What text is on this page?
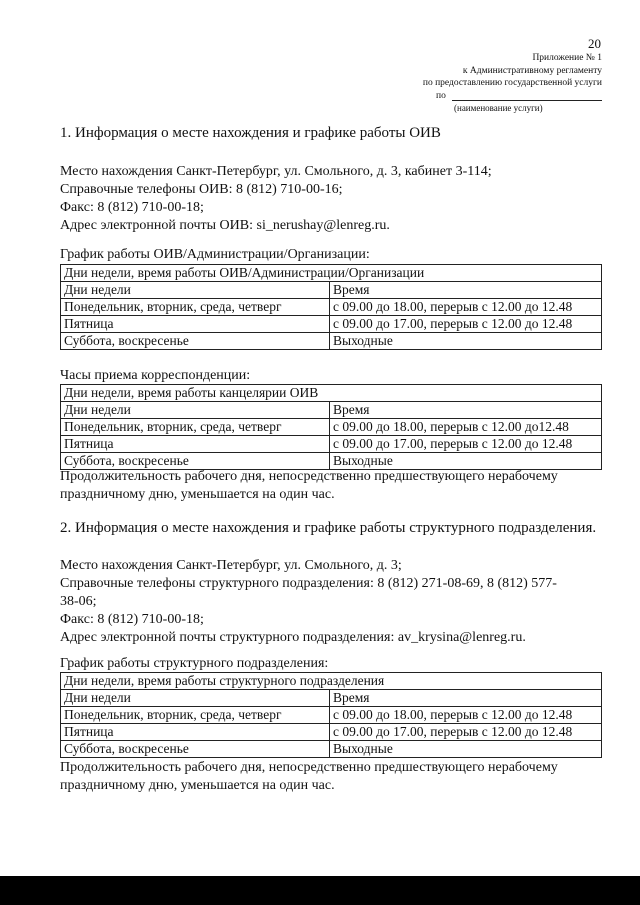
20
Приложение № 1
к Административному регламенту
по предоставлению государственной услуги
по
(наименование услуги)
1. Информация о месте нахождения и графике работы ОИВ
Место нахождения Санкт-Петербург, ул. Смольного, д. 3, кабинет 3-114;
Справочные телефоны ОИВ: 8 (812) 710-00-16;
Факс: 8 (812) 710-00-18;
Адрес электронной почты ОИВ: si_nerushay@lenreg.ru.
График работы ОИВ/Администрации/Организации:
Дни недели, время работы ОИВ/Администрации/Организации	
Дни недели	Время
Понедельник, вторник, среда, четверг	с 09.00 до 18.00, перерыв с 12.00 до 12.48
Пятница	с 09.00 до 17.00, перерыв с 12.00 до 12.48
Суббота, воскресенье	Выходные
Часы приема корреспонденции:
Дни недели, время работы канцелярии ОИВ	
Дни недели	Время
Понедельник, вторник, среда, четверг	с 09.00 до 18.00, перерыв с 12.00 до12.48
Пятница	с 09.00 до 17.00, перерыв с 12.00 до 12.48
Суббота, воскресенье	Выходные
Продолжительность рабочего дня, непосредственно предшествующего нерабочему
праздничному дню, уменьшается на один час.
2. Информация о месте нахождения и графике работы структурного подразделения.
Место нахождения Санкт-Петербург, ул. Смольного, д. 3;
Справочные телефоны структурного подразделения: 8 (812) 271-08-69, 8 (812) 577-
38-06;
Факс: 8 (812) 710-00-18;
Адрес электронной почты структурного подразделения: av_krysina@lenreg.ru.
График работы структурного подразделения:
Дни недели, время работы структурного подразделения	
Дни недели	Время
Понедельник, вторник, среда, четверг	с 09.00 до 18.00, перерыв с 12.00 до 12.48
Пятница	с 09.00 до 17.00, перерыв с 12.00 до 12.48
Суббота, воскресенье	Выходные
Продолжительность рабочего дня, непосредственно предшествующего нерабочему
праздничному дню, уменьшается на один час.
